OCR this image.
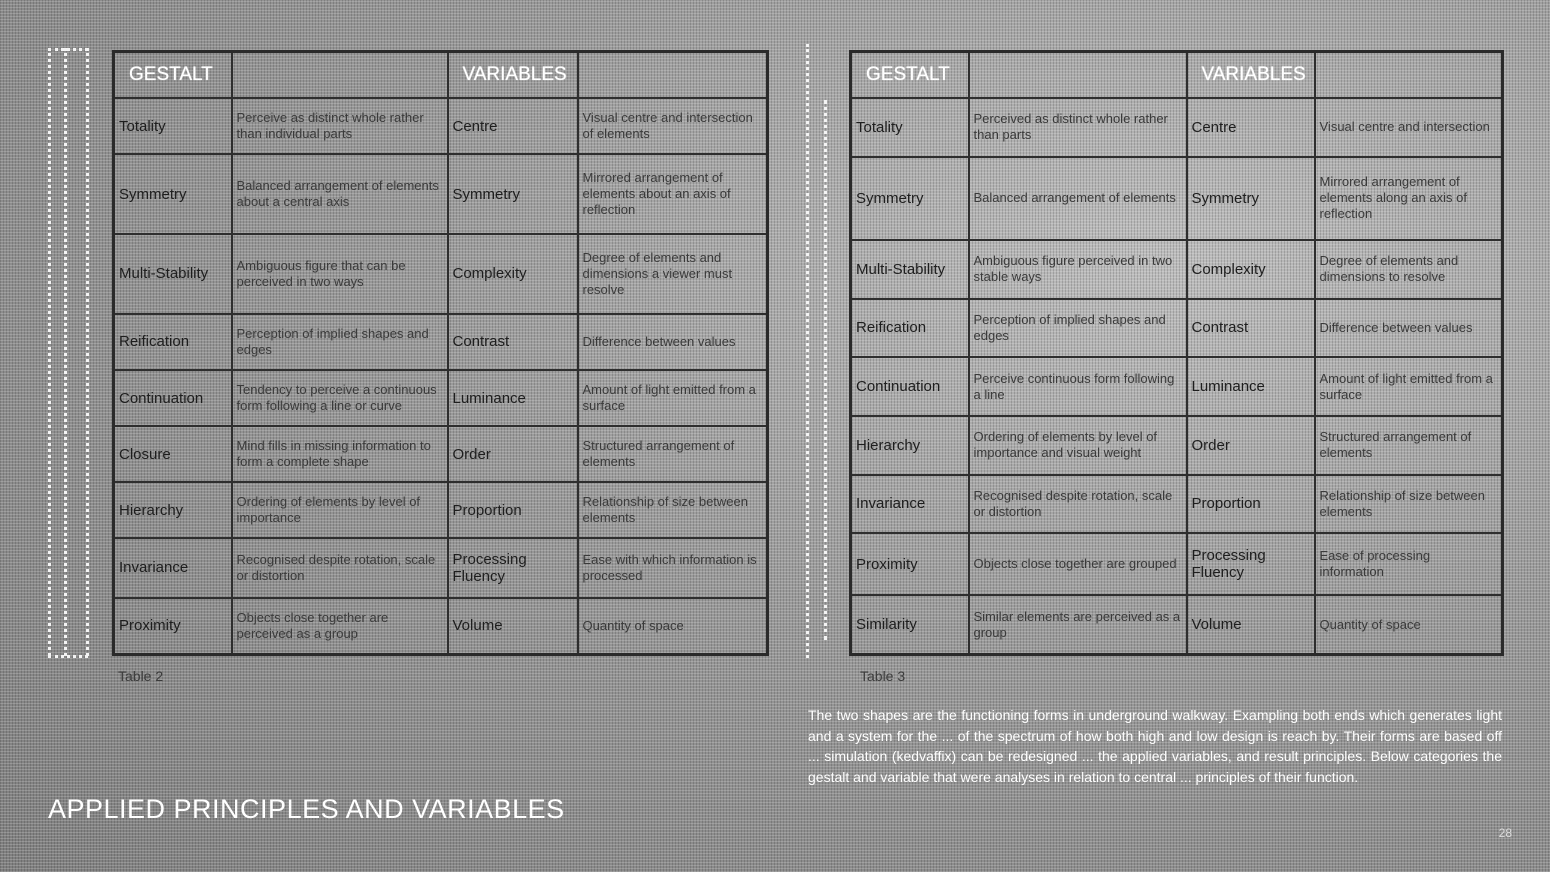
GESTALT		VARIABLES	
Totality	Perceive as distinct whole rather than individual parts	Centre	Visual centre and intersection of elements
Symmetry	Balanced arrangement of elements about a central axis	Symmetry	Mirrored arrangement of elements about an axis of reflection
Multi-Stability	Ambiguous figure that can be perceived in two ways	Complexity	Degree of elements and dimensions a viewer must resolve
Reification	Perception of implied shapes and edges	Contrast	Difference between values
Continuation	Tendency to perceive a continuous form following a line or curve	Luminance	Amount of light emitted from a surface
Closure	Mind fills in missing information to form a complete shape	Order	Structured arrangement of elements
Hierarchy	Ordering of elements by level of importance	Proportion	Relationship of size between elements
Invariance	Recognised despite rotation, scale or distortion	Processing Fluency	Ease with which information is processed
Proximity	Objects close together are perceived as a group	Volume	Quantity of space
Table 2
GESTALT		VARIABLES	
Totality	Perceived as distinct whole rather than parts	Centre	Visual centre and intersection
Symmetry	Balanced arrangement of elements	Symmetry	Mirrored arrangement of elements along an axis of reflection
Multi-Stability	Ambiguous figure perceived in two stable ways	Complexity	Degree of elements and dimensions to resolve
Reification	Perception of implied shapes and edges	Contrast	Difference between values
Continuation	Perceive continuous form following a line	Luminance	Amount of light emitted from a surface
Hierarchy	Ordering of elements by level of importance and visual weight	Order	Structured arrangement of elements
Invariance	Recognised despite rotation, scale or distortion	Proportion	Relationship of size between elements
Proximity	Objects close together are grouped	Processing Fluency	Ease of processing information
Similarity	Similar elements are perceived as a group	Volume	Quantity of space
Table 3
The two shapes are the functioning forms in underground walkway. Exampling both ends which generates light and a system for the ... of the spectrum of how both high and low design is reach by. Their forms are based off ... simulation (kedvaffix) can be redesigned ... the applied variables, and result principles. Below categories the gestalt and variable that were analyses in relation to central ... principles of their function.
APPLIED PRINCIPLES AND VARIABLES
28
